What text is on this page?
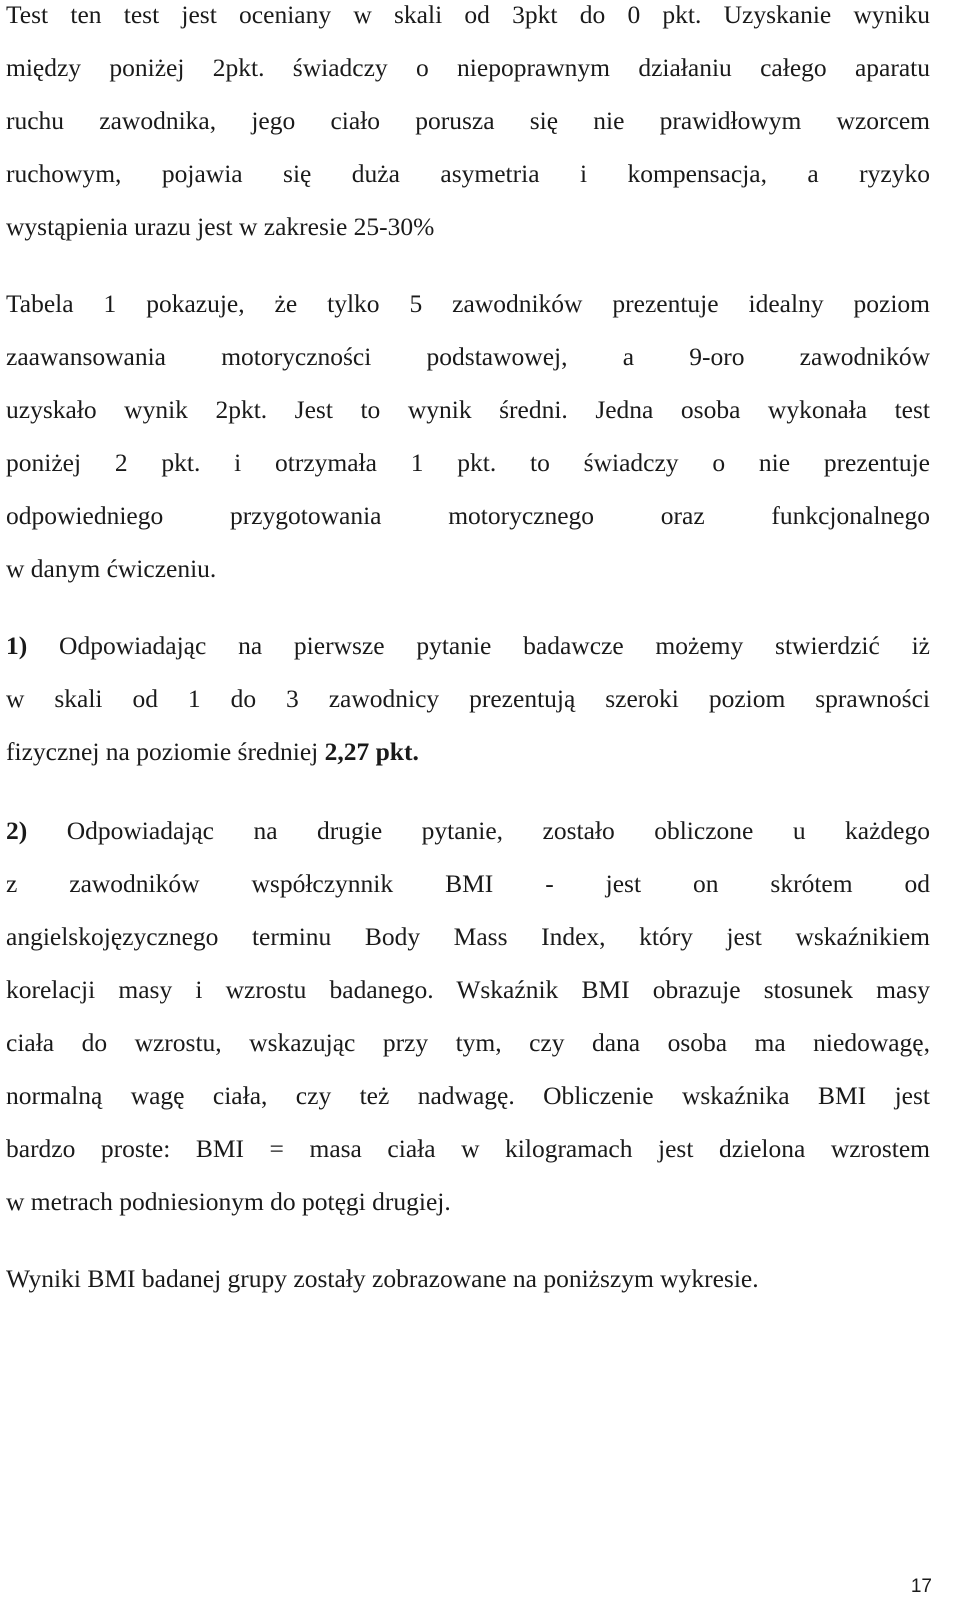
Test ten test jest oceniany w skali od 3pkt do 0 pkt. Uzyskanie wyniku
między poniżej 2pkt. świadczy o niepoprawnym działaniu całego aparatu
ruchu zawodnika, jego ciało porusza się nie prawidłowym wzorcem
ruchowym, pojawia się duża asymetria i kompensacja, a ryzyko
wystąpienia urazu jest w zakresie 25-30%
Tabela 1 pokazuje, że tylko 5 zawodników prezentuje idealny poziom
zaawansowania motoryczności podstawowej, a 9-oro zawodników
uzyskało wynik 2pkt. Jest to wynik średni. Jedna osoba wykonała test
poniżej 2 pkt. i otrzymała 1 pkt. to świadczy o nie prezentuje
odpowiedniego przygotowania motorycznego oraz funkcjonalnego
w danym ćwiczeniu.
1) Odpowiadając na pierwsze pytanie badawcze możemy stwierdzić iż
w skali od 1 do 3 zawodnicy prezentują szeroki poziom sprawności
fizycznej na poziomie średniej 2,27 pkt.
2) Odpowiadając na drugie pytanie, zostało obliczone u każdego
z zawodników współczynnik BMI - jest on skrótem od
angielskojęzycznego terminu Body Mass Index, który jest wskaźnikiem
korelacji masy i wzrostu badanego. Wskaźnik BMI obrazuje stosunek masy
ciała do wzrostu, wskazując przy tym, czy dana osoba ma niedowagę,
normalną wagę ciała, czy też nadwagę. Obliczenie wskaźnika BMI jest
bardzo proste: BMI = masa ciała w kilogramach jest dzielona wzrostem
w metrach podniesionym do potęgi drugiej.
Wyniki BMI badanej grupy zostały zobrazowane na poniższym wykresie.
17
